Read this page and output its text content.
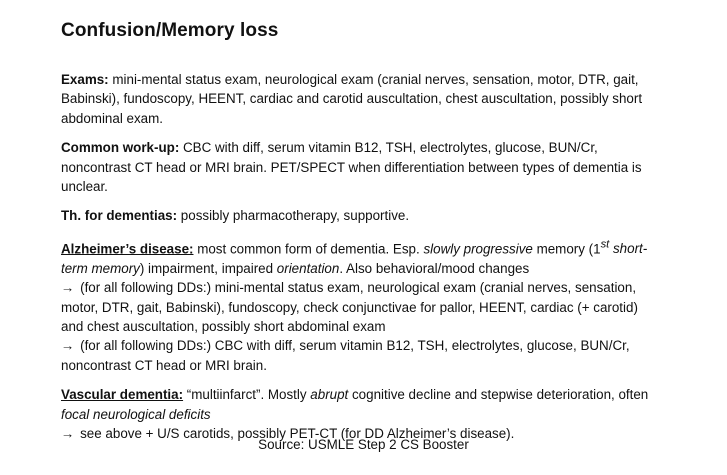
Confusion/Memory loss

Exams: mini-mental status exam, neurological exam (cranial nerves, sensation, motor, DTR, gait, Babinski), fundoscopy, HEENT, cardiac and carotid auscultation, chest auscultation, possibly short abdominal exam.

Common work-up: CBC with diff, serum vitamin B12, TSH, electrolytes, glucose, BUN/Cr, noncontrast CT head or MRI brain. PET/SPECT when differentiation between types of dementia is unclear.

Th. for dementias: possibly pharmacotherapy, supportive.

Alzheimer’s disease: most common form of dementia. Esp. slowly progressive memory (1st short-term memory) impairment, impaired orientation. Also behavioral/mood changes

→ (for all following DDs:) mini-mental status exam, neurological exam (cranial nerves, sensation, motor, DTR, gait, Babinski), fundoscopy, check conjunctivae for pallor, HEENT, cardiac (+ carotid) and chest auscultation, possibly short abdominal exam

→ (for all following DDs:) CBC with diff, serum vitamin B12, TSH, electrolytes, glucose, BUN/Cr, noncontrast CT head or MRI brain.

Vascular dementia: “multiinfarct”. Mostly abrupt cognitive decline and stepwise deterioration, often focal neurological deficits

→ see above + U/S carotids, possibly PET-CT (for DD Alzheimer’s disease).

Source: USMLE Step 2 CS Booster
